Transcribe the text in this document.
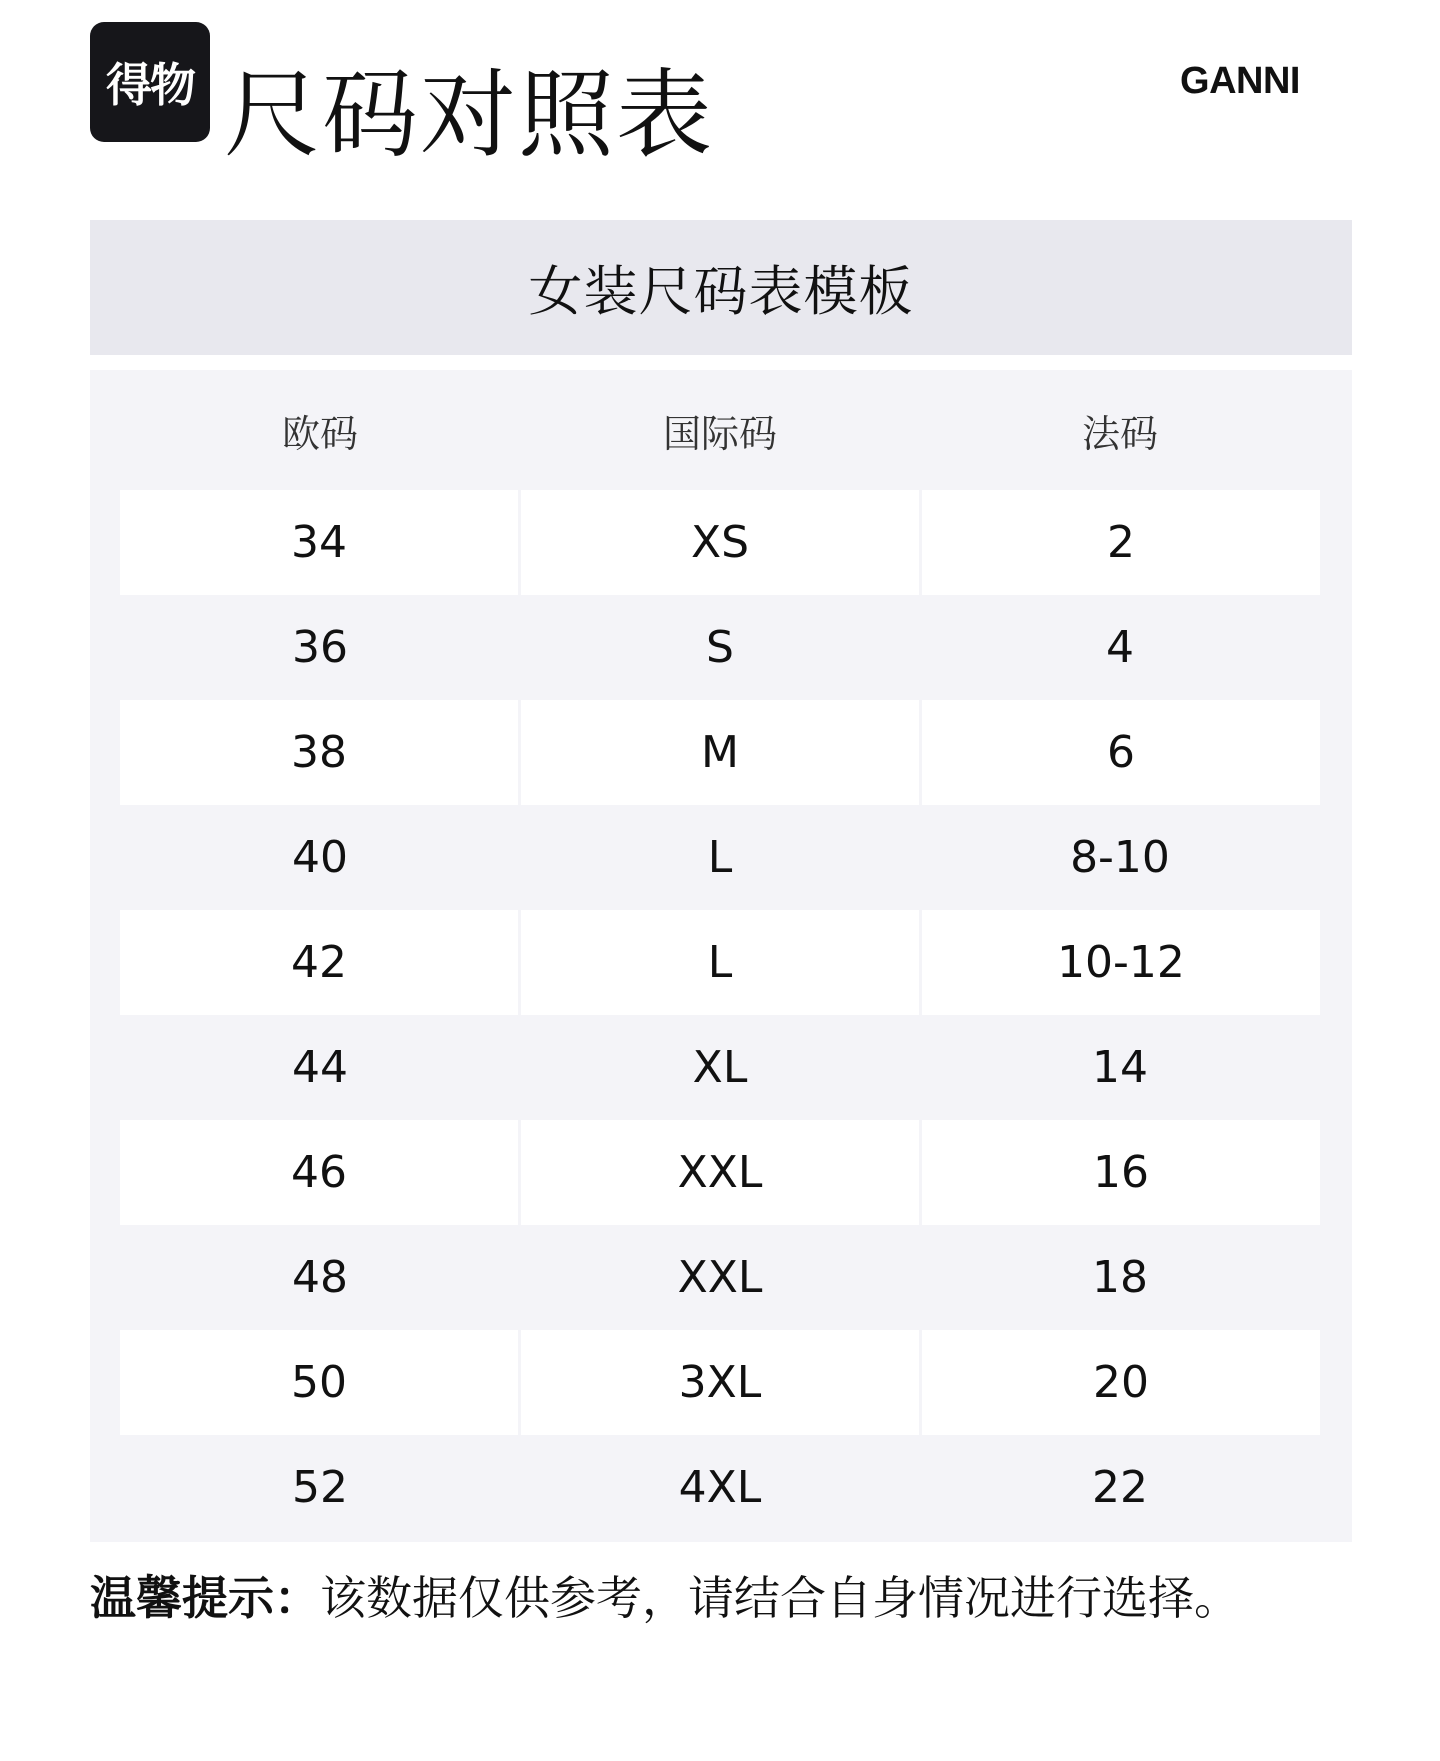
得物 尺码对照表	GANNI
女装尺码表模板
欧码	国际码	法码
34	XS	2
36	S	4
38	M	6
40	L	8-10
42	L	10-12
44	XL	14
46	XXL	16
48	XXL	18
50	3XL	20
52	4XL	22
温馨提示：该数据仅供参考，请结合自身情况进行选择。
